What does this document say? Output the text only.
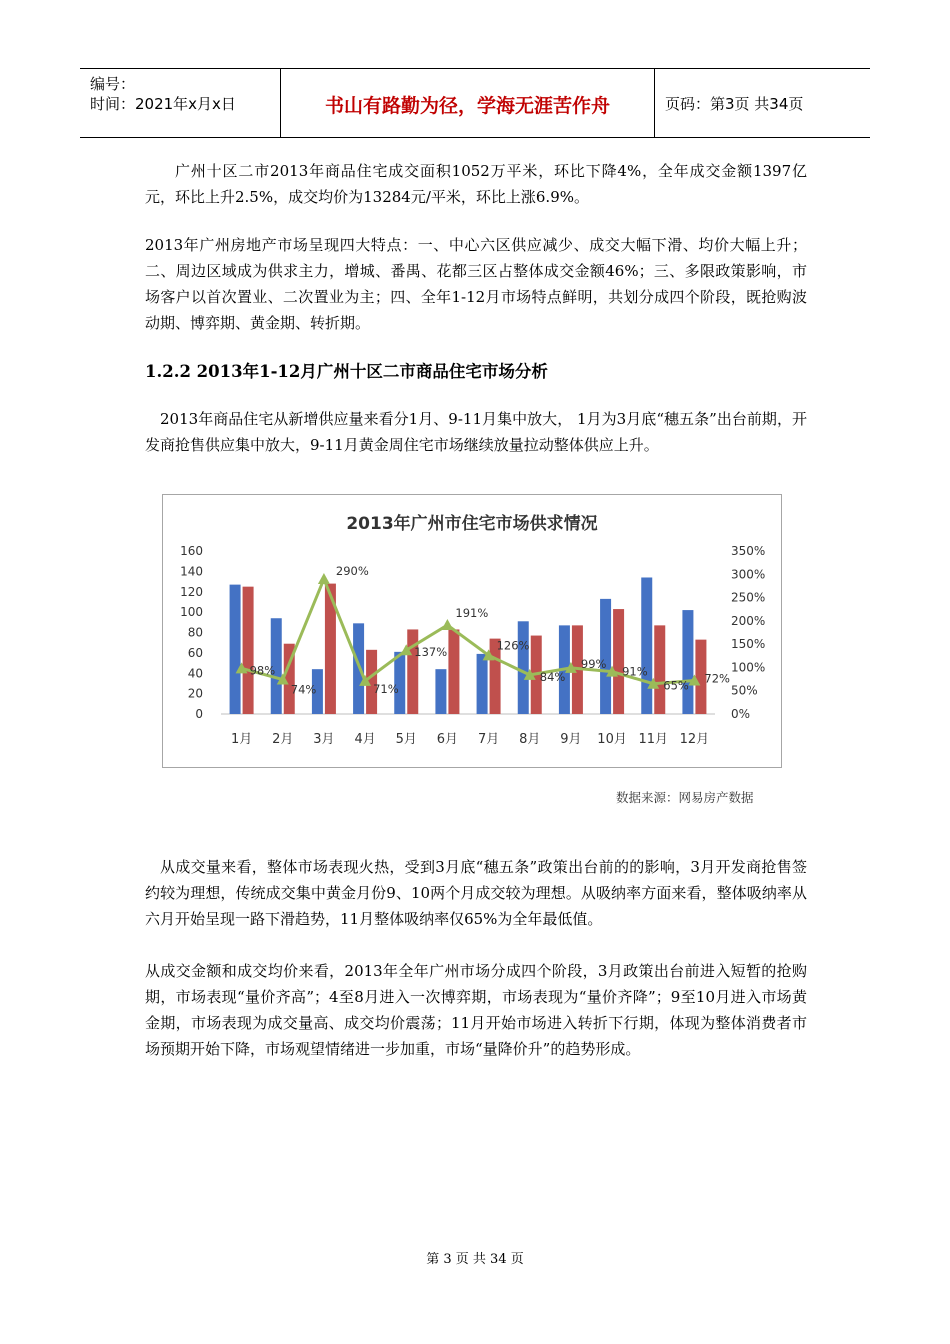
编号：
时间：2021年x月x日	书山有路勤为径，学海无涯苦作舟	页码：第3页 共34页
广州十区二市2013年商品住宅成交面积1052万平米，环比下降4%，全年成交金额1397亿元，环比上升2.5%，成交均价为13284元/平米，环比上涨6.9%。
2013年广州房地产市场呈现四大特点：一、中心六区供应减少、成交大幅下滑、均价大幅上升；二、周边区域成为供求主力，增城、番禺、花都三区占整体成交金额46%；三、多限政策影响，市场客户以首次置业、二次置业为主；四、全年1-12月市场特点鲜明，共划分成四个阶段，既抢购波动期、博弈期、黄金期、转折期。
1.2.2 2013年1-12月广州十区二市商品住宅市场分析
2013年商品住宅从新增供应量来看分1月、9-11月集中放大， 1月为3月底“穗五条”出台前期，开发商抢售供应集中放大，9-11月黄金周住宅市场继续放量拉动整体供应上升。
2013年广州市住宅市场供求情况
0
20
40
60
80
100
120
140
160
0%
50%
100%
150%
200%
250%
300%
350%
98%
74%
290%
71%
137%
191%
126%
84%
99%
91%
65%
72%
1月 2月 3月 4月 5月 6月 7月 8月 9月 10月 11月 12月
数据来源：网易房产数据
从成交量来看，整体市场表现火热，受到3月底“穗五条”政策出台前的的影响，3月开发商抢售签约较为理想，传统成交集中黄金月份9、10两个月成交较为理想。从吸纳率方面来看，整体吸纳率从六月开始呈现一路下滑趋势，11月整体吸纳率仅65%为全年最低值。
从成交金额和成交均价来看，2013年全年广州市场分成四个阶段，3月政策出台前进入短暂的抢购期，市场表现“量价齐高”；4至8月进入一次博弈期，市场表现为“量价齐降”；9至10月进入市场黄金期，市场表现为成交量高、成交均价震荡；11月开始市场进入转折下行期，体现为整体消费者市场预期开始下降，市场观望情绪进一步加重，市场“量降价升”的趋势形成。
第 3 页 共 34 页
